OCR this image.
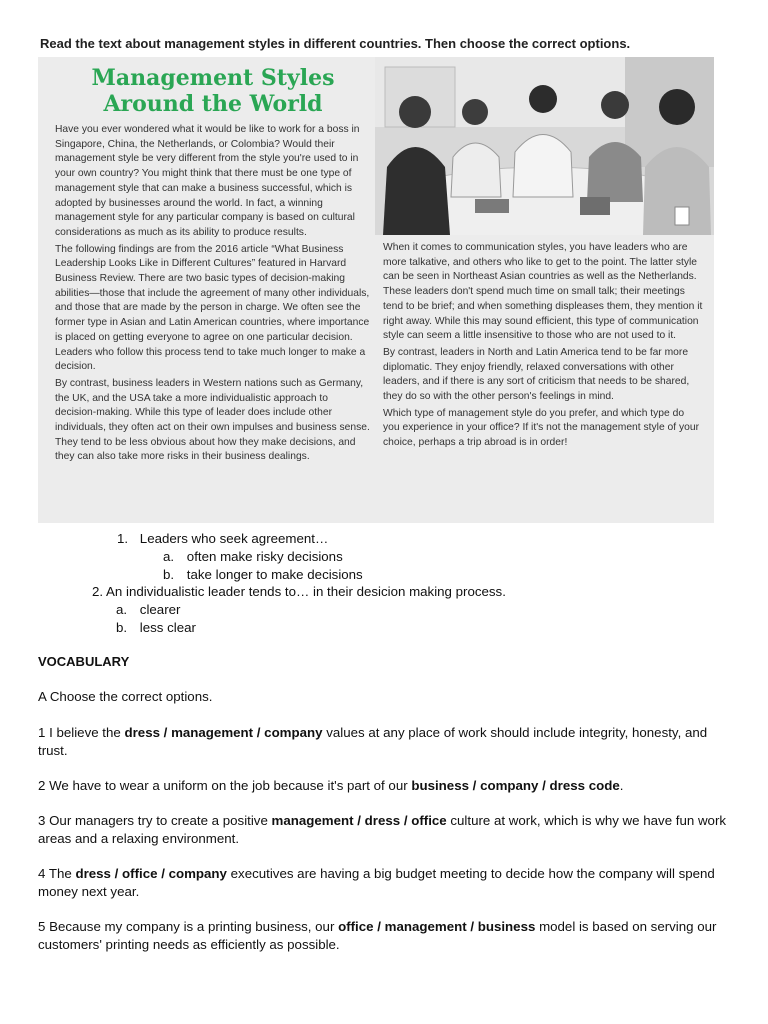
Read the text about management styles in different countries. Then choose the correct options.
Management Styles Around the World

Have you ever wondered what it would be like to work for a boss in Singapore, China, the Netherlands, or Colombia? Would their management style be very different from the style you're used to in your own country? You might think that there must be one type of management style that can make a business successful, which is adopted by businesses around the world. In fact, a winning management style for any particular company is based on cultural considerations as much as its ability to produce results.

The following findings are from the 2016 article “What Business Leadership Looks Like in Different Cultures” featured in Harvard Business Review. There are two basic types of decision-making abilities—those that include the agreement of many other individuals, and those that are made by the person in charge. We often see the former type in Asian and Latin American countries, where importance is placed on getting everyone to agree on one particular decision. Leaders who follow this process tend to take much longer to make a decision.

By contrast, business leaders in Western nations such as Germany, the UK, and the USA take a more individualistic approach to decision-making. While this type of leader does include other individuals, they often act on their own impulses and business sense. They tend to be less obvious about how they make decisions, and they can also take more risks in their business dealings.

When it comes to communication styles, you have leaders who are more talkative, and others who like to get to the point. The latter style can be seen in Northeast Asian countries as well as the Netherlands. These leaders don't spend much time on small talk; their meetings tend to be brief; and when something displeases them, they mention it right away. While this may sound efficient, this type of communication style can seem a little insensitive to those who are not used to it.

By contrast, leaders in North and Latin America tend to be far more diplomatic. They enjoy friendly, relaxed conversations with other leaders, and if there is any sort of criticism that needs to be shared, they do so with the other person's feelings in mind.

Which type of management style do you prefer, and which type do you experience in your office? If it's not the management style of your choice, perhaps a trip abroad is in order!

1. Leaders who seek agreement…
a. often make risky decisions
b. take longer to make decisions
2. An individualistic leader tends to… in their desicion making process.
a. clearer
b. less clear
VOCABULARY
A Choose the correct options.
1 I believe the dress / management / company values at any place of work should include integrity, honesty, and trust.
2 We have to wear a uniform on the job because it's part of our business / company / dress code.
3 Our managers try to create a positive management / dress / office culture at work, which is why we have fun work areas and a relaxing environment.
4 The dress / office / company executives are having a big budget meeting to decide how the company will spend money next year.
5 Because my company is a printing business, our office / management / business model is based on serving our customers' printing needs as efficiently as possible.
